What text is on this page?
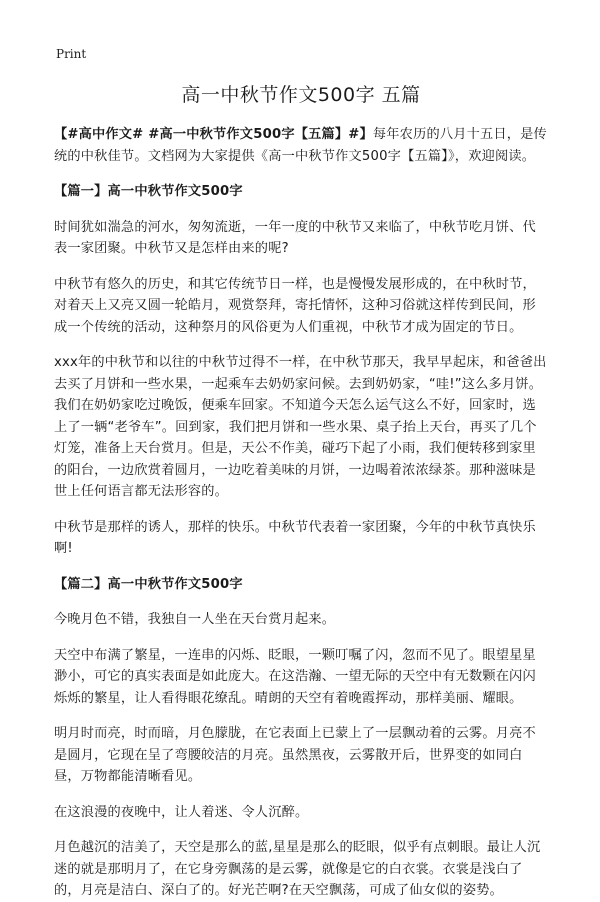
Print
高一中秋节作文500字 五篇

【#高中作文# #高一中秋节作文500字【五篇】#】每年农历的八月十五日，是传统的中秋佳节。文档网为大家提供《高一中秋节作文500字【五篇】》，欢迎阅读。

【篇一】高一中秋节作文500字

时间犹如湍急的河水，匆匆流逝，一年一度的中秋节又来临了，中秋节吃月饼、代表一家团聚。中秋节又是怎样由来的呢?

中秋节有悠久的历史，和其它传统节日一样，也是慢慢发展形成的，在中秋时节，对着天上又亮又圆一轮皓月，观赏祭拜，寄托情怀，这种习俗就这样传到民间，形成一个传统的活动，这种祭月的风俗更为人们重视，中秋节才成为固定的节日。

xxx年的中秋节和以往的中秋节过得不一样，在中秋节那天，我早早起床，和爸爸出去买了月饼和一些水果，一起乘车去奶奶家问候。去到奶奶家，“哇!”这么多月饼。我们在奶奶家吃过晚饭，便乘车回家。不知道今天怎么运气这么不好，回家时，选上了一辆“老爷车”。回到家，我们把月饼和一些水果、桌子抬上天台，再买了几个灯笼，准备上天台赏月。但是，天公不作美，碰巧下起了小雨，我们便转移到家里的阳台，一边欣赏着圆月，一边吃着美味的月饼，一边喝着浓浓绿茶。那种滋味是世上任何语言都无法形容的。

中秋节是那样的诱人，那样的快乐。中秋节代表着一家团聚，今年的中秋节真快乐啊!

【篇二】高一中秋节作文500字

今晚月色不错，我独自一人坐在天台赏月起来。

天空中布满了繁星，一连串的闪烁、眨眼，一颗叮嘱了闪，忽而不见了。眼望星星渺小，可它的真实表面是如此庞大。在这浩瀚、一望无际的天空中有无数颗在闪闪烁烁的繁星，让人看得眼花缭乱。晴朗的天空有着晚霞挥动，那样美丽、耀眼。

明月时而亮，时而暗，月色朦胧，在它表面上已蒙上了一层飘动着的云雾。月亮不是圆月，它现在呈了弯腰皎洁的月亮。虽然黑夜，云雾散开后，世界变的如同白昼，万物都能清晰看见。

在这浪漫的夜晚中，让人着迷、令人沉醉。

月色越沉的洁美了，天空是那么的蓝,星星是那么的眨眼，似乎有点刺眼。最让人沉迷的就是那明月了，在它身旁飘荡的是云雾，就像是它的白衣裳。衣裳是浅白了的，月亮是洁白、深白了的。好光芒啊?在天空飘荡，可成了仙女似的姿势。
